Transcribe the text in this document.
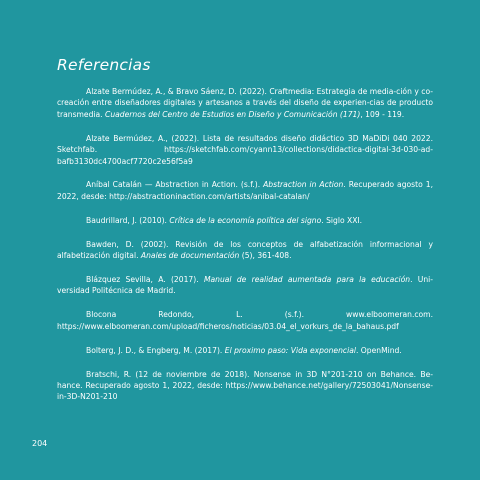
Referencias

Alzate Bermúdez, A., & Bravo Sáenz, D. (2022). Craftmedia: Estrategia de media-ción y co-creación entre diseñadores digitales y artesanos a través del diseño de experien-cias de producto transmedia. Cuadernos del Centro de Estudios en Diseño y Comunicación (171), 109 - 119.

Alzate Bermúdez, A., (2022). Lista de resultados diseño didáctico 3D MaDiDi 040 2022. Sketchfab. https://sketchfab.com/cyann13/collections/didactica-digital-3d-030-ad-bafb3130dc4700acf7720c2e56f5a9

Aníbal Catalán — Abstraction in Action. (s.f.). Abstraction in Action. Recuperado agosto 1, 2022, desde: http://abstractioninaction.com/artists/anibal-catalan/

Baudrillard, J. (2010). Crítica de la economía política del signo. Siglo XXI.

Bawden, D. (2002). Revisión de los conceptos de alfabetización informacional y alfabetización digital. Anales de documentación (5), 361-408.

Blázquez Sevilla, A. (2017). Manual de realidad aumentada para la educación. Uni-versidad Politécnica de Madrid.

Blocona Redondo, L. (s.f.). www.elboomeran.com. https://www.elboomeran.com/upload/ficheros/noticias/03.04_el_vorkurs_de_la_bahaus.pdf

Bolterg, J. D., & Engberg, M. (2017). El proximo paso: Vida exponencial. OpenMind.

Bratschi, R. (12 de noviembre de 2018). Nonsense in 3D N°201-210 on Behance. Be-hance. Recuperado agosto 1, 2022, desde: https://www.behance.net/gallery/72503041/Nonsense-in-3D-N201-210

204
